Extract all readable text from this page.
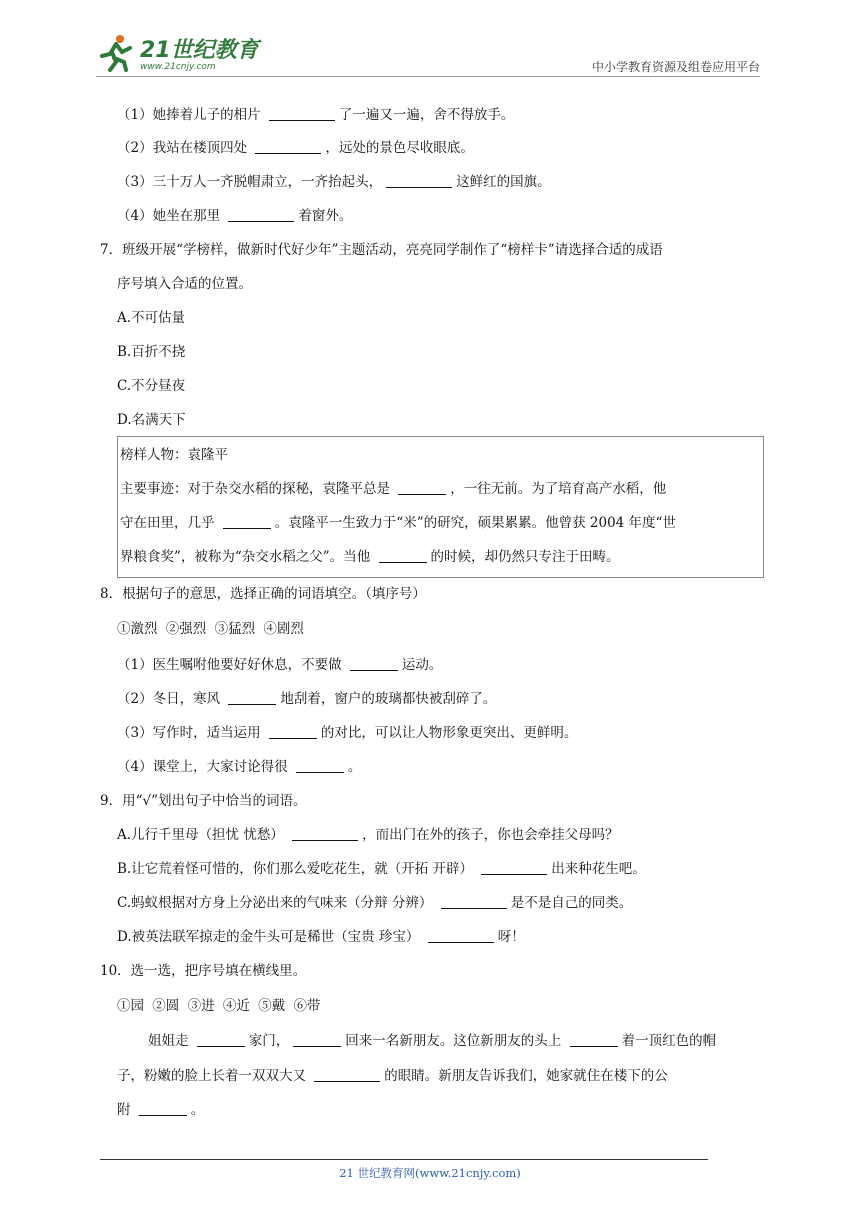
21世纪教育
www.21cnjy.com	中小学教育资源及组卷应用平台
（1）她捧着儿子的相片	了一遍又一遍，舍不得放手。
（2）我站在楼顶四处	，远处的景色尽收眼底。
（3）三十万人一齐脱帽肃立，一齐抬起头，	这鲜红的国旗。
（4）她坐在那里	着窗外。
7．班级开展“学榜样，做新时代好少年”主题活动，亮亮同学制作了“榜样卡”请选择合适的成语
序号填入合适的位置。
A.不可估量
B.百折不挠
C.不分昼夜
D.名满天下
榜样人物：袁隆平
主要事迹：对于杂交水稻的探秘，袁隆平总是	，一往无前。为了培育高产水稻，他
守在田里，几乎	。袁隆平一生致力于“米”的研究，硕果累累。他曾获 2004 年度“世
界粮食奖”，被称为“杂交水稻之父”。当他	的时候，却仍然只专注于田畴。
8．根据句子的意思，选择正确的词语填空。（填序号）
①激烈 ②强烈 ③猛烈 ④剧烈
（1）医生嘱咐他要好好休息，不要做	运动。
（2）冬日，寒风	地刮着，窗户的玻璃都快被刮碎了。
（3）写作时，适当运用	的对比，可以让人物形象更突出、更鲜明。
（4）课堂上，大家讨论得很	。
9．用“√”划出句子中恰当的词语。
A.儿行千里母（担忧 忧愁）	，而出门在外的孩子，你也会牵挂父母吗？
B.让它荒着怪可惜的，你们那么爱吃花生，就（开拓 开辟）	出来种花生吧。
C.蚂蚁根据对方身上分泌出来的气味来（分辩 分辨）	是不是自己的同类。
D.被英法联军掠走的金牛头可是稀世（宝贵 珍宝）	呀！
10．选一选，把序号填在横线里。
①园 ②圆 ③进 ④近 ⑤戴 ⑥带
姐姐走	家门，	回来一名新朋友。这位新朋友的头上	着一顶红色的帽
子，粉嫩的脸上长着一双双大又	的眼睛。新朋友告诉我们，她家就住在楼下的公
附	。
21 世纪教育网(www.21cnjy.com)
